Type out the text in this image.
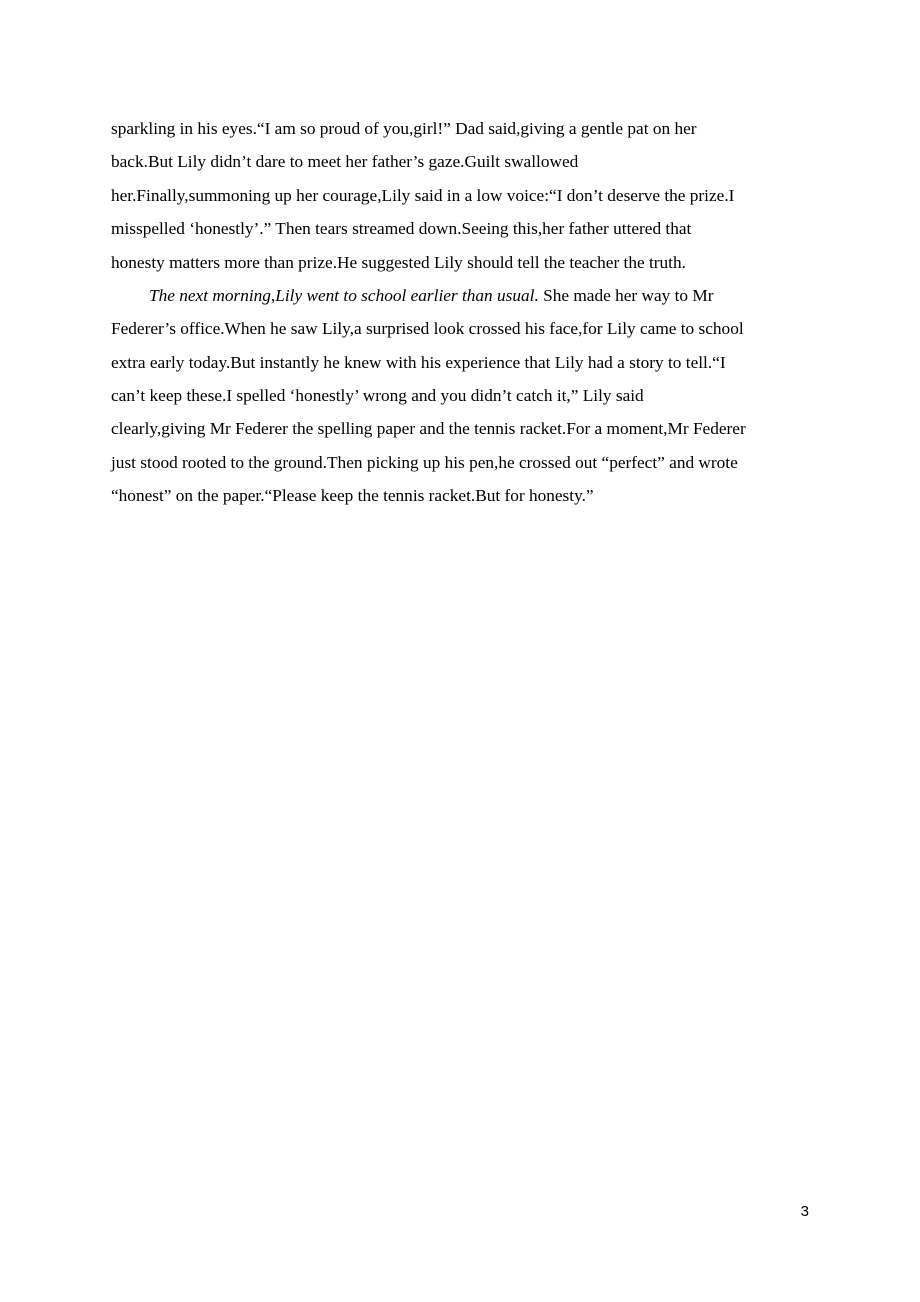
sparkling in his eyes.“I am so proud of you,girl!” Dad said,giving a gentle pat on her
back.But Lily didn’t dare to meet her father’s gaze.Guilt swallowed
her.Finally,summoning up her courage,Lily said in a low voice:“I don’t deserve the prize.I
misspelled ‘honestly’.” Then tears streamed down.Seeing this,her father uttered that
honesty matters more than prize.He suggested Lily should tell the teacher the truth.
The next morning,Lily went to school earlier than usual. She made her way to Mr
Federer’s office.When he saw Lily,a surprised look crossed his face,for Lily came to school
extra early today.But instantly he knew with his experience that Lily had a story to tell.“I
can’t keep these.I spelled ‘honestly’ wrong and you didn’t catch it,” Lily said
clearly,giving Mr Federer the spelling paper and the tennis racket.For a moment,Mr Federer
just stood rooted to the ground.Then picking up his pen,he crossed out “perfect” and wrote
“honest” on the paper.“Please keep the tennis racket.But for honesty.”
3
